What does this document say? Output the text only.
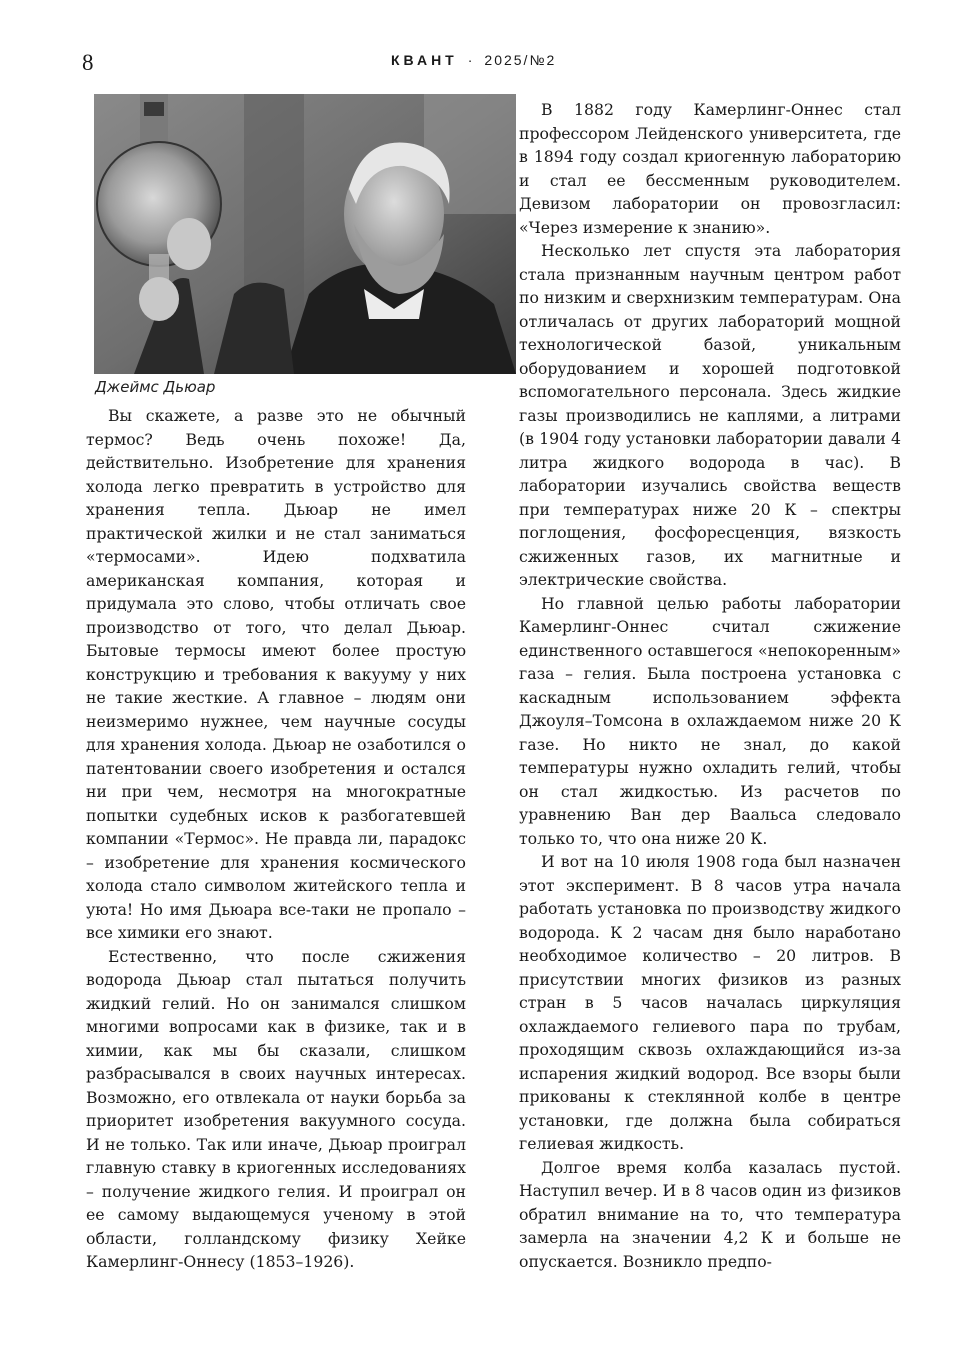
8	КВАНТ · 2025/№2
Джеймс Дьюар

Вы скажете, а разве это не обычный термос? Ведь очень похоже! Да, действительно. Изобретение для хранения холода легко превратить в устройство для хранения тепла. Дьюар не имел практической жилки и не стал заниматься «термосами». Идею подхватила американская компания, которая и придумала это слово, чтобы отличать свое производство от того, что делал Дьюар. Бытовые термосы имеют более простую конструкцию и требования к вакууму у них не такие жесткие. А главное – людям они неизмеримо нужнее, чем научные сосуды для хранения холода. Дьюар не озаботился о патентовании своего изобретения и остался ни при чем, несмотря на многократные попытки судебных исков к разбогатевшей компании «Термос». Не правда ли, парадокс – изобретение для хранения космического холода стало символом житейского тепла и уюта! Но имя Дьюара все-таки не пропало – все химики его знают.

Естественно, что после сжижения водорода Дьюар стал пытаться получить жидкий гелий. Но он занимался слишком многими вопросами как в физике, так и в химии, как мы бы сказали, слишком разбрасывался в своих научных интересах. Возможно, его отвлекала от науки борьба за приоритет изобретения вакуумного сосуда. И не только. Так или иначе, Дьюар проиграл главную ставку в криогенных исследованиях – получение жидкого гелия. И проиграл он ее самому выдающемуся ученому в этой области, голландскому физику Хейке Камерлинг-Оннесу (1853–1926).

В 1882 году Камерлинг-Оннес стал профессором Лейденского университета, где в 1894 году создал криогенную лабораторию и стал ее бессменным руководителем. Девизом лаборатории он провозгласил: «Через измерение к знанию».

Несколько лет спустя эта лаборатория стала признанным научным центром работ по низким и сверхнизким температурам. Она отличалась от других лабораторий мощной технологической базой, уникальным оборудованием и хорошей подготовкой вспомогательного персонала. Здесь жидкие газы производились не каплями, а литрами (в 1904 году установки лаборатории давали 4 литра жидкого водорода в час). В лаборатории изучались свойства веществ при температурах ниже 20 К – спектры поглощения, фосфоресценция, вязкость сжиженных газов, их магнитные и электрические свойства.

Но главной целью работы лаборатории Камерлинг-Оннес считал сжижение единственного оставшегося «непокоренным» газа – гелия. Была построена установка с каскадным использованием эффекта Джоуля–Томсона в охлаждаемом ниже 20 К газе. Но никто не знал, до какой температуры нужно охладить гелий, чтобы он стал жидкостью. Из расчетов по уравнению Ван дер Ваальса следовало только то, что она ниже 20 К.

И вот на 10 июля 1908 года был назначен этот эксперимент. В 8 часов утра начала работать установка по производству жидкого водорода. К 2 часам дня было наработано необходимое количество – 20 литров. В присутствии многих физиков из разных стран в 5 часов началась циркуляция охлаждаемого гелиевого пара по трубам, проходящим сквозь охлаждающийся из-за испарения жидкий водород. Все взоры были прикованы к стеклянной колбе в центре установки, где должна была собираться гелиевая жидкость.

Долгое время колба казалась пустой. Наступил вечер. И в 8 часов один из физиков обратил внимание на то, что температура замерла на значении 4,2 К и больше не опускается. Возникло предпо-
